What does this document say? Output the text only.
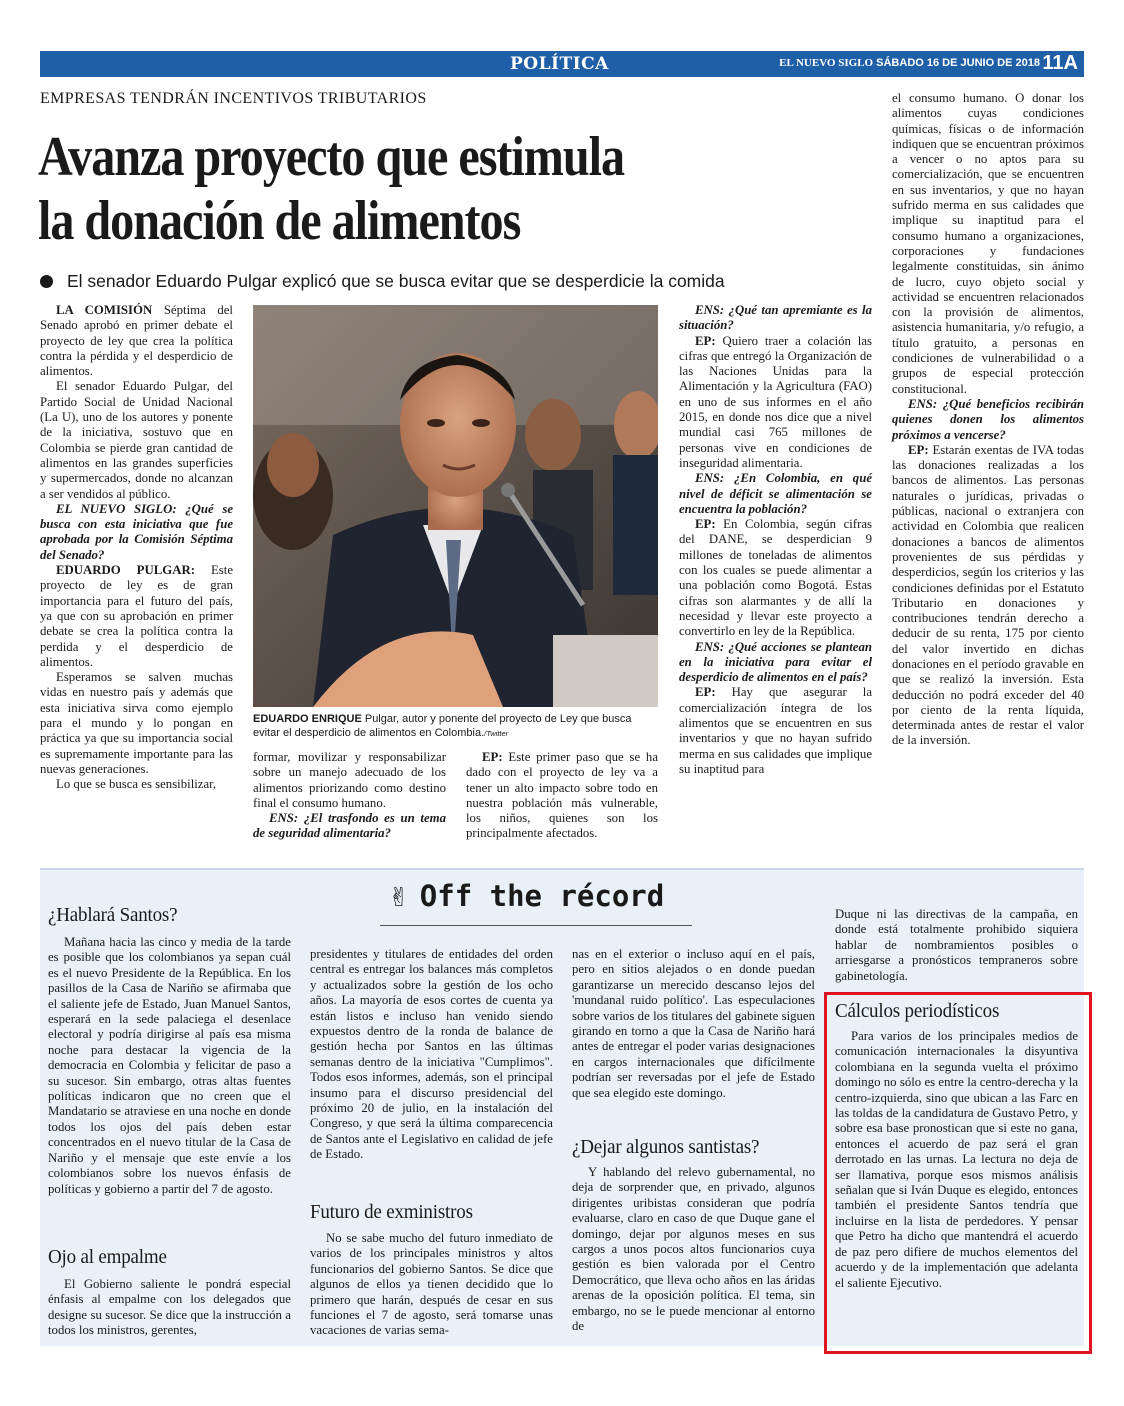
POLÍTICA	EL NUEVO SIGLO SÁBADO 16 DE JUNIO DE 2018 11A
EMPRESAS TENDRÁN INCENTIVOS TRIBUTARIOS
Avanza proyecto que estimula
la donación de alimentos
El senador Eduardo Pulgar explicó que se busca evitar que se desperdicie la comida

LA COMISIÓN Séptima del Senado aprobó en primer debate el proyecto de ley que crea la política contra la pérdida y el desperdicio de alimentos.

El senador Eduardo Pulgar, del Partido Social de Unidad Nacional (La U), uno de los autores y ponente de la iniciativa, sostuvo que en Colombia se pierde gran cantidad de alimentos en las grandes superficies y supermercados, donde no alcanzan a ser vendidos al público.

EL NUEVO SIGLO: ¿Qué se busca con esta iniciativa que fue aprobada por la Comisión Séptima del Senado?

EDUARDO PULGAR: Este proyecto de ley es de gran importancia para el futuro del país, ya que con su aprobación en primer debate se crea la política contra la perdida y el desperdicio de alimentos.

Esperamos se salven muchas vidas en nuestro país y además que esta iniciativa sirva como ejemplo para el mundo y lo pongan en práctica ya que su importancia social es supremamente importante para las nuevas generaciones.

Lo que se busca es sensibilizar,

EDUARDO ENRIQUE Pulgar, autor y ponente del proyecto de Ley que busca evitar el desperdicio de alimentos en Colombia./Twitter

formar, movilizar y responsabilizar sobre un manejo adecuado de los alimentos priorizando como destino final el consumo humano.

ENS: ¿El trasfondo es un tema de seguridad alimentaria?

EP: Este primer paso que se ha dado con el proyecto de ley va a tener un alto impacto sobre todo en nuestra población más vulnerable, los niños, quienes son los principalmente afectados.

ENS: ¿Qué tan apremiante es la situación?

EP: Quiero traer a colación las cifras que entregó la Organización de las Naciones Unidas para la Alimentación y la Agricultura (FAO) en uno de sus informes en el año 2015, en donde nos dice que a nivel mundial casi 765 millones de personas vive en condiciones de inseguridad alimentaria.

ENS: ¿En Colombia, en qué nivel de déficit se alimentación se encuentra la población?

EP: En Colombia, según cifras del DANE, se desperdician 9 millones de toneladas de alimentos con los cuales se puede alimentar a una población como Bogotá. Estas cifras son alarmantes y de allí la necesidad y llevar este proyecto a convertirlo en ley de la República.

ENS: ¿Qué acciones se plantean en la iniciativa para evitar el desperdicio de alimentos en el país?

EP: Hay que asegurar la comercialización íntegra de los alimentos que se encuentren en sus inventarios y que no hayan sufrido merma en sus calidades que implique su inaptitud para

el consumo humano. O donar los alimentos cuyas condiciones químicas, físicas o de información indiquen que se encuentran próximos a vencer o no aptos para su comercialización, que se encuentren en sus inventarios, y que no hayan sufrido merma en sus calidades que implique su inaptitud para el consumo humano a organizaciones, corporaciones y fundaciones legalmente constituidas, sin ánimo de lucro, cuyo objeto social y actividad se encuentren relacionados con la provisión de alimentos, asistencia humanitaria, y/o refugio, a título gratuito, a personas en condiciones de vulnerabilidad o a grupos de especial protección constitucional.

ENS: ¿Qué beneficios recibirán quienes donen los alimentos próximos a vencerse?

EP: Estarán exentas de IVA todas las donaciones realizadas a los bancos de alimentos. Las personas naturales o jurídicas, privadas o públicas, nacional o extranjera con actividad en Colombia que realicen donaciones a bancos de alimentos provenientes de sus pérdidas y desperdicios, según los criterios y las condiciones definidas por el Estatuto Tributario en donaciones y contribuciones tendrán derecho a deducir de su renta, 175 por ciento del valor invertido en dichas donaciones en el período gravable en que se realizó la inversión. Esta deducción no podrá exceder del 40 por ciento de la renta líquida, determinada antes de restar el valor de la inversión.

✌ Off the récord
¿Hablará Santos?

Mañana hacia las cinco y media de la tarde es posible que los colombianos ya sepan cuál es el nuevo Presidente de la República. En los pasillos de la Casa de Nariño se afirmaba que el saliente jefe de Estado, Juan Manuel Santos, esperará en la sede palaciega el desenlace electoral y podría dirigirse al país esa misma noche para destacar la vigencia de la democracia en Colombia y felicitar de paso a su sucesor. Sin embargo, otras altas fuentes políticas indicaron que no creen que el Mandatario se atraviese en una noche en donde todos los ojos del país deben estar concentrados en el nuevo titular de la Casa de Nariño y el mensaje que este envíe a los colombianos sobre los nuevos énfasis de políticas y gobierno a partir del 7 de agosto.

Ojo al empalme

El Gobierno saliente le pondrá especial énfasis al empalme con los delegados que designe su sucesor. Se dice que la instrucción a todos los ministros, gerentes,

presidentes y titulares de entidades del orden central es entregar los balances más completos y actualizados sobre la gestión de los ocho años. La mayoría de esos cortes de cuenta ya están listos e incluso han venido siendo expuestos dentro de la ronda de balance de gestión hecha por Santos en las últimas semanas dentro de la iniciativa "Cumplimos". Todos esos informes, además, son el principal insumo para el discurso presidencial del próximo 20 de julio, en la instalación del Congreso, y que será la última comparecencia de Santos ante el Legislativo en calidad de jefe de Estado.

Futuro de exministros

No se sabe mucho del futuro inmediato de varios de los principales ministros y altos funcionarios del gobierno Santos. Se dice que algunos de ellos ya tienen decidido que lo primero que harán, después de cesar en sus funciones el 7 de agosto, será tomarse unas vacaciones de varias sema-

nas en el exterior o incluso aquí en el país, pero en sitios alejados o en donde puedan garantizarse un merecido descanso lejos del 'mundanal ruido político'. Las especulaciones sobre varios de los titulares del gabinete siguen girando en torno a que la Casa de Nariño hará antes de entregar el poder varias designaciones en cargos internacionales que difícilmente podrían ser reversadas por el jefe de Estado que sea elegido este domingo.

¿Dejar algunos santistas?

Y hablando del relevo gubernamental, no deja de sorprender que, en privado, algunos dirigentes uribistas consideran que podría evaluarse, claro en caso de que Duque gane el domingo, dejar por algunos meses en sus cargos a unos pocos altos funcionarios cuya gestión es bien valorada por el Centro Democrático, que lleva ocho años en las áridas arenas de la oposición política. El tema, sin embargo, no se le puede mencionar al entorno de

Duque ni las directivas de la campaña, en donde está totalmente prohibido siquiera hablar de nombramientos posibles o arriesgarse a pronósticos tempraneros sobre gabinetología.

Cálculos periodísticos

Para varios de los principales medios de comunicación internacionales la disyuntiva colombiana en la segunda vuelta el próximo domingo no sólo es entre la centro-derecha y la centro-izquierda, sino que ubican a las Farc en las toldas de la candidatura de Gustavo Petro, y sobre esa base pronostican que si este no gana, entonces el acuerdo de paz será el gran derrotado en las urnas. La lectura no deja de ser llamativa, porque esos mismos análisis señalan que si Iván Duque es elegido, entonces también el presidente Santos tendría que incluirse en la lista de perdedores. Y pensar que Petro ha dicho que mantendrá el acuerdo de paz pero difiere de muchos elementos del acuerdo y de la implementación que adelanta el saliente Ejecutivo.
